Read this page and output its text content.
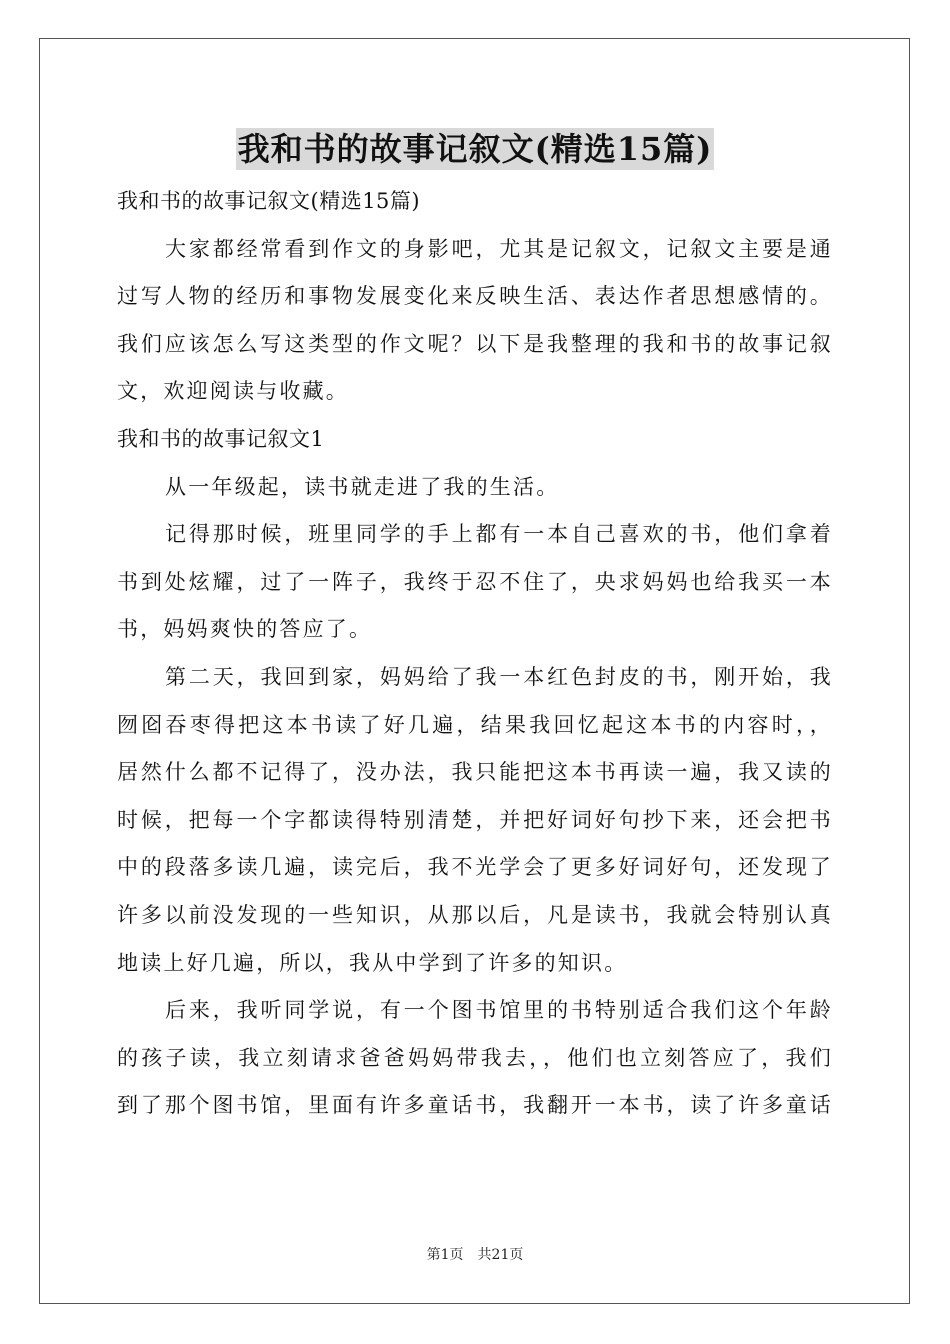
我和书的故事记叙文(精选15篇)
我和书的故事记叙文(精选15篇)
大家都经常看到作文的身影吧，尤其是记叙文，记叙文主要是通
过写人物的经历和事物发展变化来反映生活、表达作者思想感情的。
我们应该怎么写这类型的作文呢？以下是我整理的我和书的故事记叙
文，欢迎阅读与收藏。
我和书的故事记叙文1
从一年级起，读书就走进了我的生活。
记得那时候，班里同学的手上都有一本自己喜欢的书，他们拿着
书到处炫耀，过了一阵子，我终于忍不住了，央求妈妈也给我买一本
书，妈妈爽快的答应了。
第二天，我回到家，妈妈给了我一本红色封皮的书，刚开始，我
囫囵吞枣得把这本书读了好几遍，结果我回忆起这本书的内容时，，
居然什么都不记得了，没办法，我只能把这本书再读一遍，我又读的
时候，把每一个字都读得特别清楚，并把好词好句抄下来，还会把书
中的段落多读几遍，读完后，我不光学会了更多好词好句，还发现了
许多以前没发现的一些知识，从那以后，凡是读书，我就会特别认真
地读上好几遍，所以，我从中学到了许多的知识。
后来，我听同学说，有一个图书馆里的书特别适合我们这个年龄
的孩子读，我立刻请求爸爸妈妈带我去，，他们也立刻答应了，我们
到了那个图书馆，里面有许多童话书，我翻开一本书，读了许多童话
第1页 共21页
